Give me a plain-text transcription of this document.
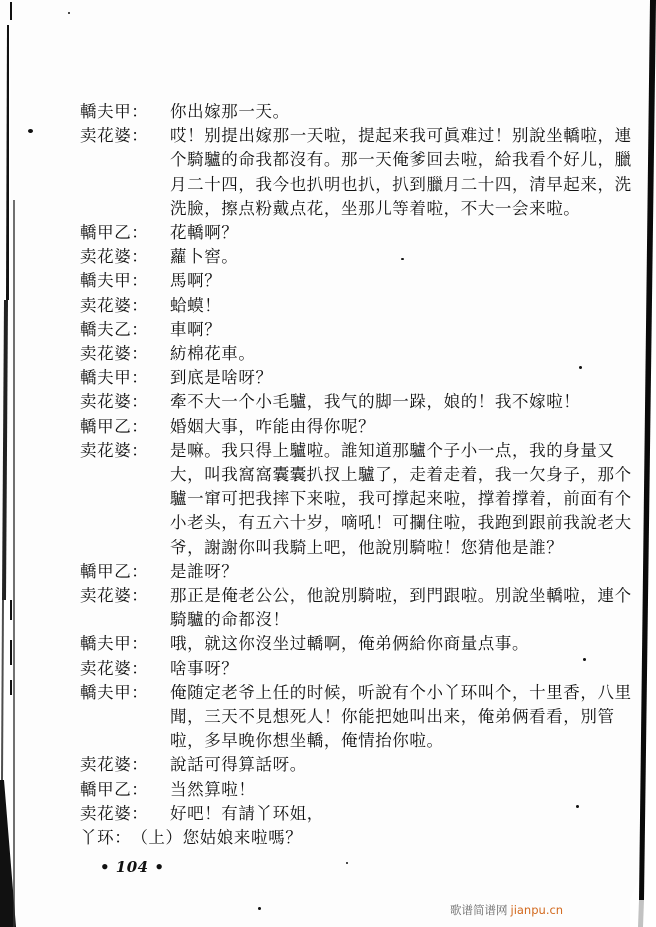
轎夫甲：	你出嫁那一天。
卖花婆：	哎！别提出嫁那一天啦，提起来我可眞难过！别說坐轎啦，連
个騎驢的命我都沒有。那一天俺爹回去啦，給我看个好儿，臘
月二十四，我今也扒明也扒，扒到臘月二十四，清早起来，洗
洗臉，擦点粉戴点花，坐那儿等着啦，不大一会来啦。
轎甲乙：	花轎啊？
卖花婆：	蘿卜窖。
轎夫甲：	馬啊？
卖花婆：	蛤蟆！
轎夫乙：	車啊？
卖花婆：	紡棉花車。
轎夫甲：	到底是啥呀？
卖花婆：	牽不大一个小毛驢，我气的脚一跺，娘的！我不嫁啦！
轎甲乙：	婚姻大事，咋能由得你呢？
卖花婆：	是嘛。我只得上驢啦。誰知道那驢个子小一点，我的身量又
大，叫我窩窩囊囊扒扠上驢了，走着走着，我一欠身子，那个
驢一窜可把我摔下来啦，我可撑起来啦，撑着撑着，前面有个
小老头，有五六十岁，嘀吼！可攔住啦，我跑到跟前我說老大
爷，謝謝你叫我騎上吧，他說別騎啦！您猜他是誰？
轎甲乙：	是誰呀？
卖花婆：	那正是俺老公公，他說別騎啦，到門跟啦。別說坐轎啦，連个
騎驢的命都沒！
轎夫甲：	哦，就这你沒坐过轎啊，俺弟俩給你商量点事。
卖花婆：	啥事呀？
轎夫甲：	俺随定老爷上任的时候，听說有个小丫环叫个，十里香，八里
聞，三天不見想死人！你能把她叫出来，俺弟俩看看，別管
啦，多早晚你想坐轎，俺情抬你啦。
卖花婆：	說話可得算話呀。
轎甲乙：	当然算啦！
卖花婆：	好吧！有請丫环姐，
丫环： （上）您姑娘来啦嗎？
• 104 •
歌谱简谱网 jianpu.cn
